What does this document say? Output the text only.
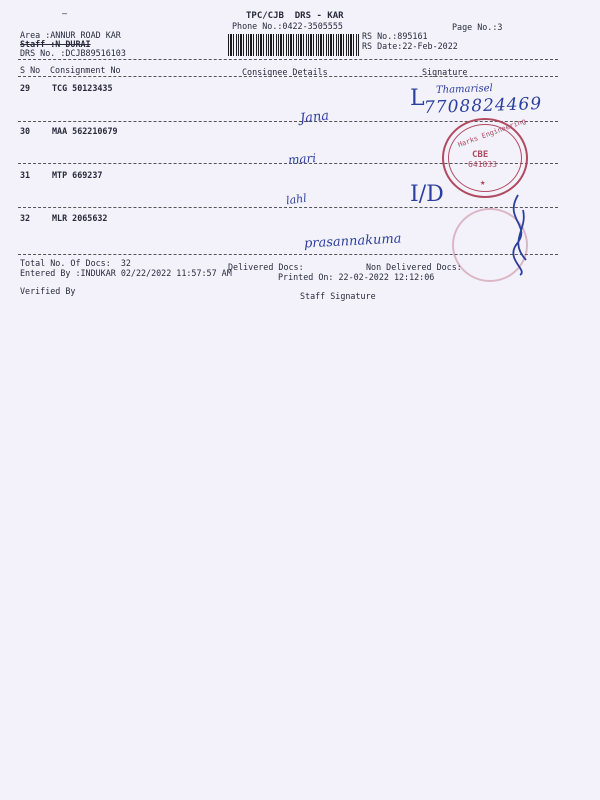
–	TPC/CJB  DRS - KAR
Phone No.:0422-3505555	Page No.:3
Area :ANNUR ROAD KAR
Staff :N DURAI
DRS No. :DCJB89516103
RS No.:895161
RS Date:22-Feb-2022
S No Consignment No	Consignee Details	Signature
29	TCG 50123435
30	MAA 562210679
31	MTP 669237
32	MLR 2065632
Jana
mari
lahl
prasannakuma
Thamarisel
7708824469
L
I/D
Harks Engineering
CBE
641033
★
Total No. Of Docs:  32	Delivered Docs:	Non Delivered Docs:
Entered By :INDUKAR 02/22/2022 11:57:57 AM	Printed On: 22-02-2022 12:12:06
Verified By	Staff Signature
